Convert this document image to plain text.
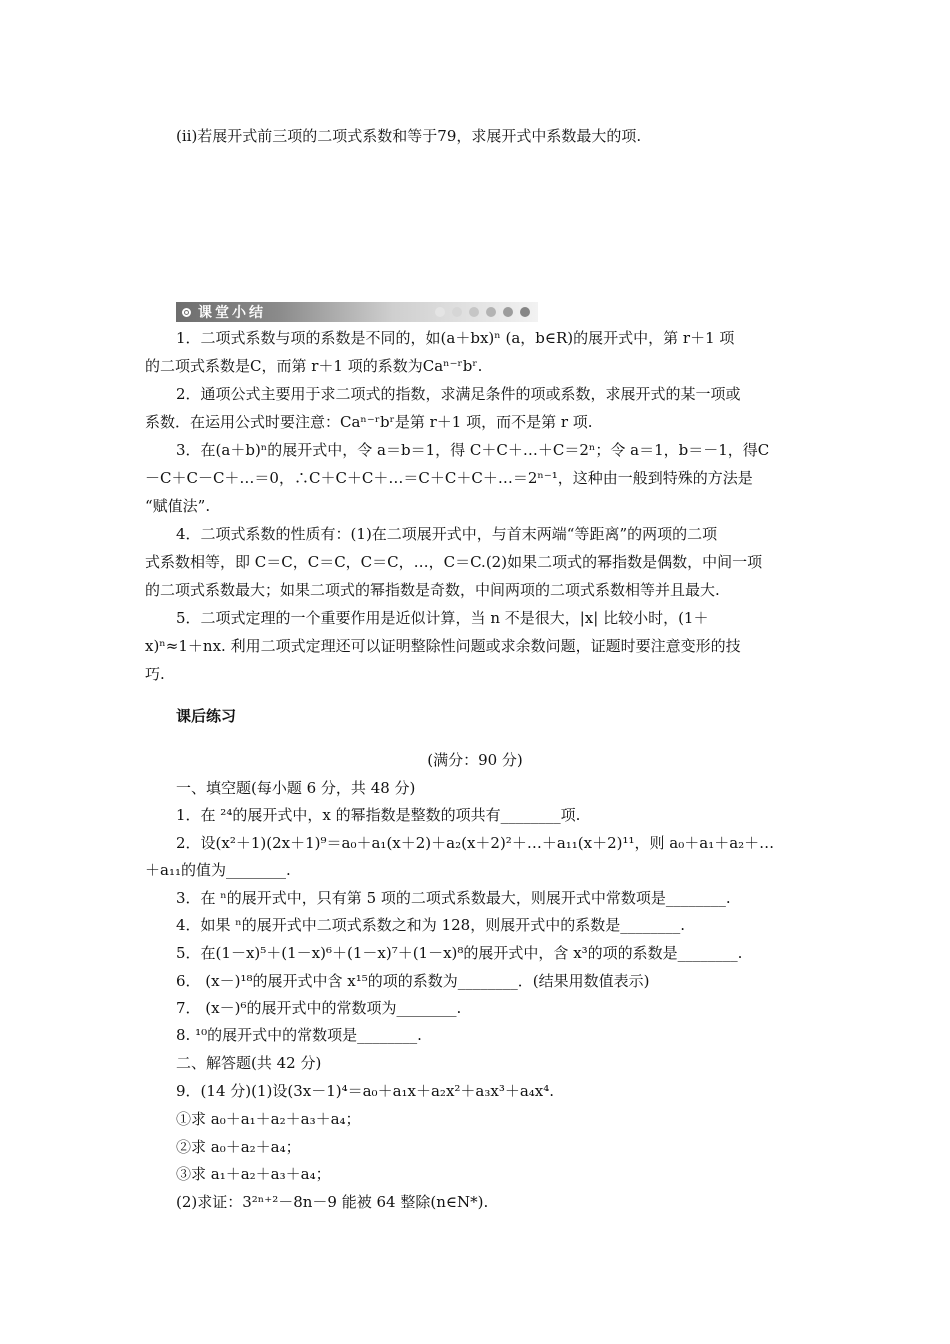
(ⅱ)若展开式前三项的二项式系数和等于79，求展开式中系数最大的项.
课堂小结
1．二项式系数与项的系数是不同的，如(a＋bx)ⁿ (a，b∈R)的展开式中，第 r＋1 项
的二项式系数是C，而第 r＋1 项的系数为Caⁿ⁻ʳbʳ.
2．通项公式主要用于求二项式的指数，求满足条件的项或系数，求展开式的某一项或
系数．在运用公式时要注意：Caⁿ⁻ʳbʳ是第 r＋1 项，而不是第 r 项.
3．在(a＋b)ⁿ的展开式中，令 a＝b＝1，得 C＋C＋…＋C＝2ⁿ；令 a＝1，b＝－1，得C
－C＋C－C＋…＝0，∴C＋C＋C＋…＝C＋C＋C＋…＝2ⁿ⁻¹，这种由一般到特殊的方法是
“赋值法”.
4．二项式系数的性质有：(1)在二项展开式中，与首末两端“等距离”的两项的二项
式系数相等，即 C＝C，C＝C，C＝C，…，C＝C.(2)如果二项式的幂指数是偶数，中间一项
的二项式系数最大；如果二项式的幂指数是奇数，中间两项的二项式系数相等并且最大.
5．二项式定理的一个重要作用是近似计算，当 n 不是很大，|x| 比较小时，(1＋
x)ⁿ≈1＋nx. 利用二项式定理还可以证明整除性问题或求余数问题，证题时要注意变形的技
巧.
课后练习
(满分：90 分)
一、填空题(每小题 6 分，共 48 分)
1．在 ²⁴的展开式中，x 的幂指数是整数的项共有________项.
2．设(x²＋1)(2x＋1)⁹＝a₀＋a₁(x＋2)＋a₂(x＋2)²＋…＋a₁₁(x＋2)¹¹，则 a₀＋a₁＋a₂＋…
＋a₁₁的值为________.
3．在 ⁿ的展开式中，只有第 5 项的二项式系数最大，则展开式中常数项是________.
4．如果 ⁿ的展开式中二项式系数之和为 128，则展开式中的系数是________.
5．在(1－x)⁵＋(1－x)⁶＋(1－x)⁷＋(1－x)⁸的展开式中，含 x³的项的系数是________.
6． (x－)¹⁸的展开式中含 x¹⁵的项的系数为________．(结果用数值表示)
7． (x－)⁶的展开式中的常数项为________.
8. ¹⁰的展开式中的常数项是________.
二、解答题(共 42 分)
9．(14 分)(1)设(3x－1)⁴＝a₀＋a₁x＋a₂x²＋a₃x³＋a₄x⁴.
①求 a₀＋a₁＋a₂＋a₃＋a₄；
②求 a₀＋a₂＋a₄；
③求 a₁＋a₂＋a₃＋a₄；
(2)求证：3²ⁿ⁺²－8n－9 能被 64 整除(n∈N*).
